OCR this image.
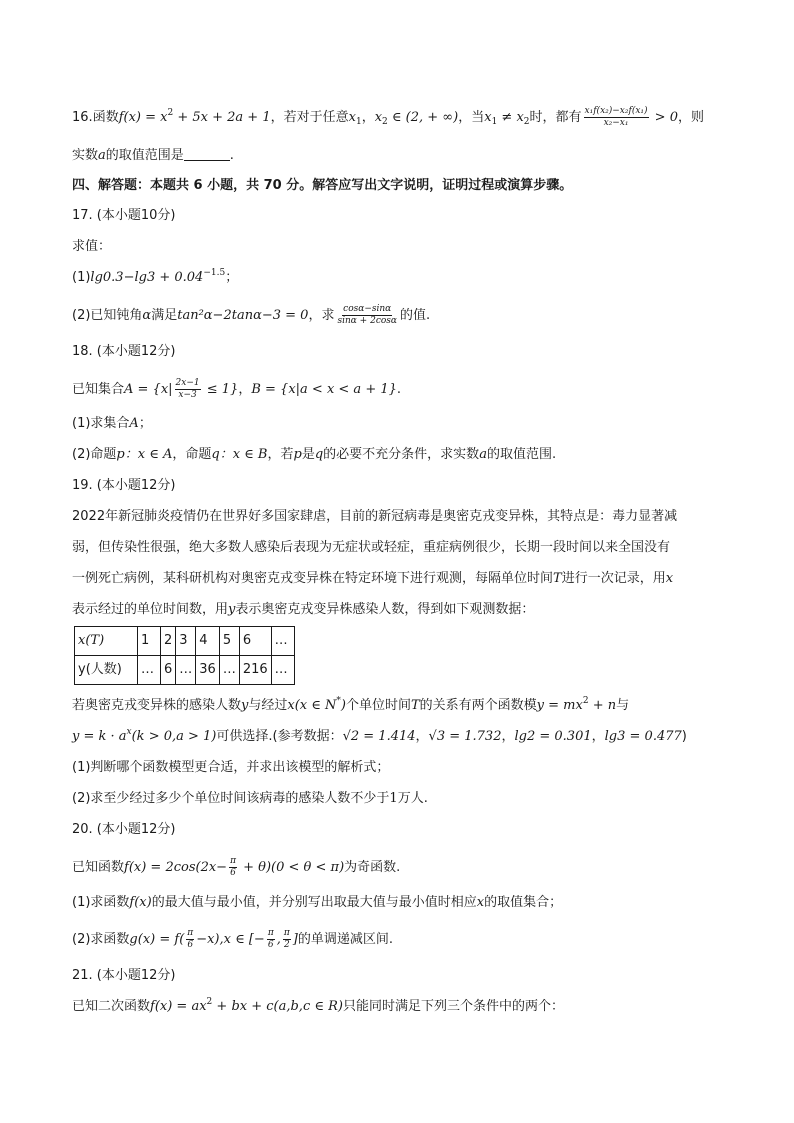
16.函数$f(x) = x^2 + 5x + 2a + 1$，若对于任意$x_1$，$x_2$ ∈ (2, + ∞)，当$x_1 \ne x_2$时，都有 $\frac{\text{x₁f(x₂)−x₂f(x₁)}}{\text{x₂−x₁}} > 0$，则
实数a的取值范围是	.
四、解答题：本题共 6 小题，共 70 分。解答应写出文字说明，证明过程或演算步骤。
17. (本小题10分)
求值：
$(1)\lg 0.3-\lg 3 + 0.04^{-1.5}$；
(2)已知钝角α满足tan²α−2tanα−3 = 0，求 $\frac{\cos\alpha-\sin\alpha}{\sin\alpha + 2\cos\alpha}$ 的值.
18. (本小题12分)
已知集合$A = \{x| \frac{2x-1}{x-3} \le 1\}$，B = {x|a < x < a + 1}.
(1)求集合A；
(2)命题p：x ∈ A，命题q：x ∈ B，若p是q的必要不充分条件，求实数a的取值范围.
19. (本小题12分)
2022年新冠肺炎疫情仍在世界好多国家肆虐，目前的新冠病毒是奥密克戎变异株，其特点是：毒力显著减
弱，但传染性很强，绝大多数人感染后表现为无症状或轻症，重症病例很少，长期一段时间以来全国没有
一例死亡病例，某科研机构对奥密克戎变异株在特定环境下进行观测，每隔单位时间T进行一次记录，用x
表示经过的单位时间数，用y表示奥密克戎变异株感染人数，得到如下观测数据：
x(T)	1	2	3	4	5	6	…
y(人数)	…	6	…	36	…	216	…
若奥密克戎变异株的感染人数y与经过x(x ∈ N*)个单位时间T的关系有两个函数模$y = mx^2 + n$与
$y = k \cdot a^x(k > 0,a > 1)$可供选择.(参考数据：√2 = 1.414，√3 = 1.732，lg2 = 0.301，lg3 = 0.477)
(1)判断哪个函数模型更合适，并求出该模型的解析式；
(2)求至少经过多少个单位时间该病毒的感染人数不少于1万人.
20. (本小题12分)
已知函数$f(x) = 2\cos(2x- \frac{\pi}{6} + \theta)(0 < \theta < \pi)$为奇函数.
(1)求函数f(x)的最大值与最小值，并分别写出取最大值与最小值时相应x的取值集合；
(2)求函数$g(x) = f( \frac{\pi}{6} -x),x$ ∈ [− $\frac{\pi}{6}$ , $\frac{\pi}{2}$ ]的单调递减区间.
21. (本小题12分)
已知二次函数$f(x) = ax^2$ + bx + c(a,b,c ∈ R)只能同时满足下列三个条件中的两个：
